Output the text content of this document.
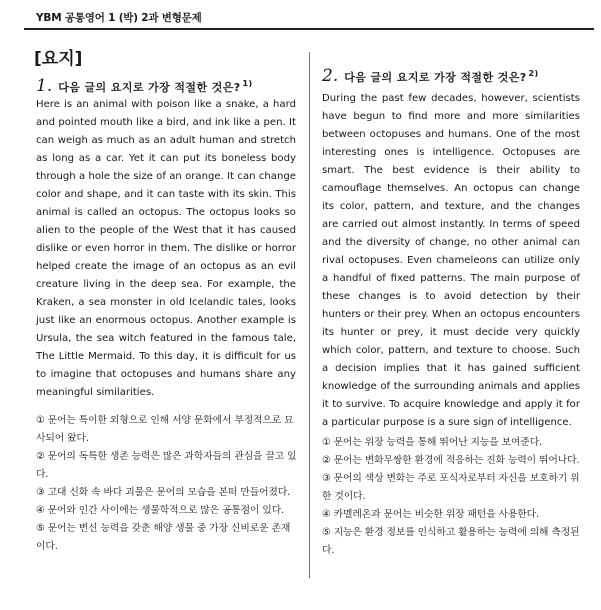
YBM 공통영어 1 (박) 2과 변형문제
[요지]
1. 다음 글의 요지로 가장 적절한 것은? $^{1)}$
Here is an animal with poison like a snake, a hard and pointed mouth like a bird, and ink like a pen. It can weigh as much as an adult human and stretch as long as a car. Yet it can put its boneless body through a hole the size of an orange. It can change color and shape, and it can taste with its skin. This animal is called an octopus. The octopus looks so alien to the people of the West that it has caused dislike or even horror in them. The dislike or horror helped create the image of an octopus as an evil creature living in the deep sea. For example, the Kraken, a sea monster in old Icelandic tales, looks just like an enormous octopus. Another example is Ursula, the sea witch featured in the famous tale, The Little Mermaid. To this day, it is difficult for us to imagine that octopuses and humans share any meaningful similarities.
① 문어는 특이한 외형으로 인해 서양 문화에서 부정적으로 묘사되어 왔다.
② 문어의 독특한 생존 능력은 많은 과학자들의 관심을 끌고 있다.
③ 고대 신화 속 바다 괴물은 문어의 모습을 본떠 만들어졌다.
④ 문어와 인간 사이에는 생물학적으로 많은 공통점이 있다.
⑤ 문어는 변신 능력을 갖춘 해양 생물 중 가장 신비로운 존재이다.
2. 다음 글의 요지로 가장 적절한 것은? $^{2)}$
During the past few decades, however, scientists have begun to find more and more similarities between octopuses and humans. One of the most interesting ones is intelligence. Octopuses are smart. The best evidence is their ability to camouflage themselves. An octopus can change its color, pattern, and texture, and the changes are carried out almost instantly. In terms of speed and the diversity of change, no other animal can rival octopuses. Even chameleons can utilize only a handful of fixed patterns. The main purpose of these changes is to avoid detection by their hunters or their prey. When an octopus encounters its hunter or prey, it must decide very quickly which color, pattern, and texture to choose. Such a decision implies that it has gained sufficient knowledge of the surrounding animals and applies it to survive. To acquire knowledge and apply it for a particular purpose is a sure sign of intelligence.
① 문어는 위장 능력을 통해 뛰어난 지능을 보여준다.
② 문어는 변화무쌍한 환경에 적응하는 진화 능력이 뛰어나다.
③ 문어의 색상 변화는 주로 포식자로부터 자신을 보호하기 위한 것이다.
④ 카멜레온과 문어는 비슷한 위장 패턴을 사용한다.
⑤ 지능은 환경 정보를 인식하고 활용하는 능력에 의해 측정된다.
